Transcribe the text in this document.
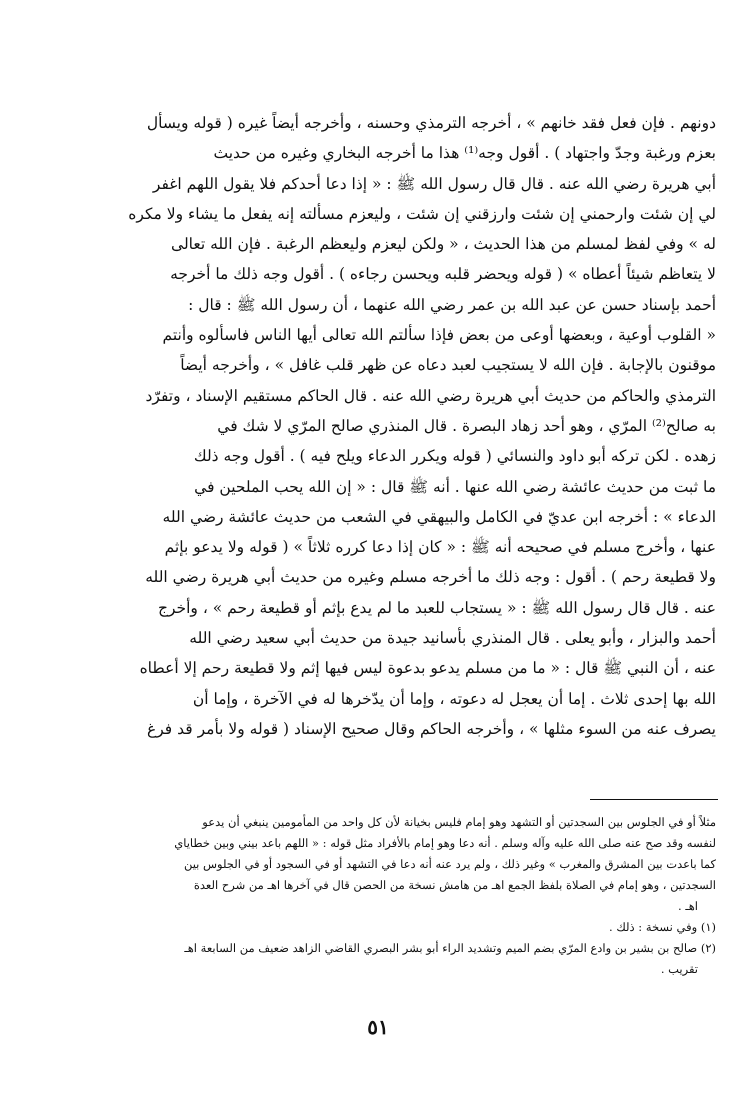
دونهم . فإن فعل فقد خانهم » ، أخرجه الترمذي وحسنه ، وأخرجه أيضاً غيره ( قوله ويسأل

بعزم ورغبة وجدّ واجتهاد ) . أقول وجه⁽¹⁾ هذا ما أخرجه البخاري وغيره من حديث

أبي هريرة رضي الله عنه . قال قال رسول الله ﷺ : « إذا دعا أحدكم فلا يقول اللهم اغفر

لي إن شئت وارحمني إن شئت وارزقني إن شئت ، وليعزم مسألته إنه يفعل ما يشاء ولا مكره

له » وفي لفظ لمسلم من هذا الحديث ، « ولكن ليعزم وليعظم الرغبة . فإن الله تعالى

لا يتعاظم شيئاً أعطاه » ( قوله ويحضر قلبه ويحسن رجاءه ) . أقول وجه ذلك ما أخرجه

أحمد بإسناد حسن عن عبد الله بن عمر رضي الله عنهما ، أن رسول الله ﷺ : قال :

« القلوب أوعية ، وبعضها أوعى من بعض فإذا سألتم الله تعالى أيها الناس فاسألوه وأنتم

موقنون بالإجابة . فإن الله لا يستجيب لعبد دعاه عن ظهر قلب غافل » ، وأخرجه أيضاً

الترمذي والحاكم من حديث أبي هريرة رضي الله عنه . قال الحاكم مستقيم الإسناد ، وتفرّد

به صالح⁽²⁾ المرّي ، وهو أحد زهاد البصرة . قال المنذري صالح المرّي لا شك في

زهده . لكن تركه أبو داود والنسائي ( قوله ويكرر الدعاء ويلح فيه ) . أقول وجه ذلك

ما ثبت من حديث عائشة رضي الله عنها . أنه ﷺ قال : « إن الله يحب الملحين في

الدعاء » : أخرجه ابن عديّ في الكامل والبيهقي في الشعب من حديث عائشة رضي الله

عنها ، وأخرج مسلم في صحيحه أنه ﷺ : « كان إذا دعا كرره ثلاثاً » ( قوله ولا يدعو بإثم

ولا قطيعة رحم ) . أقول : وجه ذلك ما أخرجه مسلم وغيره من حديث أبي هريرة رضي الله

عنه . قال قال رسول الله ﷺ : « يستجاب للعبد ما لم يدع بإثم أو قطيعة رحم » ، وأخرج

أحمد والبزار ، وأبو يعلى . قال المنذري بأسانيد جيدة من حديث أبي سعيد رضي الله

عنه ، أن النبي ﷺ قال : « ما من مسلم يدعو بدعوة ليس فيها إثم ولا قطيعة رحم إلا أعطاه

الله بها إحدى ثلاث . إما أن يعجل له دعوته ، وإما أن يدّخرها له في الآخرة ، وإما أن

يصرف عنه من السوء مثلها » ، وأخرجه الحاكم وقال صحيح الإسناد ( قوله ولا بأمر قد فرغ

مثلاً أو في الجلوس بين السجدتين أو التشهد وهو إمام فليس بخيانة لأن كل واحد من المأمومين ينبغي أن يدعو

لنفسه وقد صح عنه صلى الله عليه وآله وسلم . أنه دعا وهو إمام بالأفراد مثل قوله : « اللهم باعد بيني وبين خطاياي

كما باعدت بين المشرق والمغرب » وغير ذلك ، ولم يرد عنه أنه دعا في التشهد أو في السجود أو في الجلوس بين

السجدتين ، وهو إمام في الصلاة بلفظ الجمع اهـ من هامش نسخة من الحصن قال في آخرها اهـ من شرح العدة

اهـ .

(١) وفي نسخة : ذلك .

(٢) صالح بن بشير بن وادع المرّي بضم الميم وتشديد الراء أبو بشر البصري القاضي الزاهد ضعيف من السابعة اهـ

تقريب .

٥١
